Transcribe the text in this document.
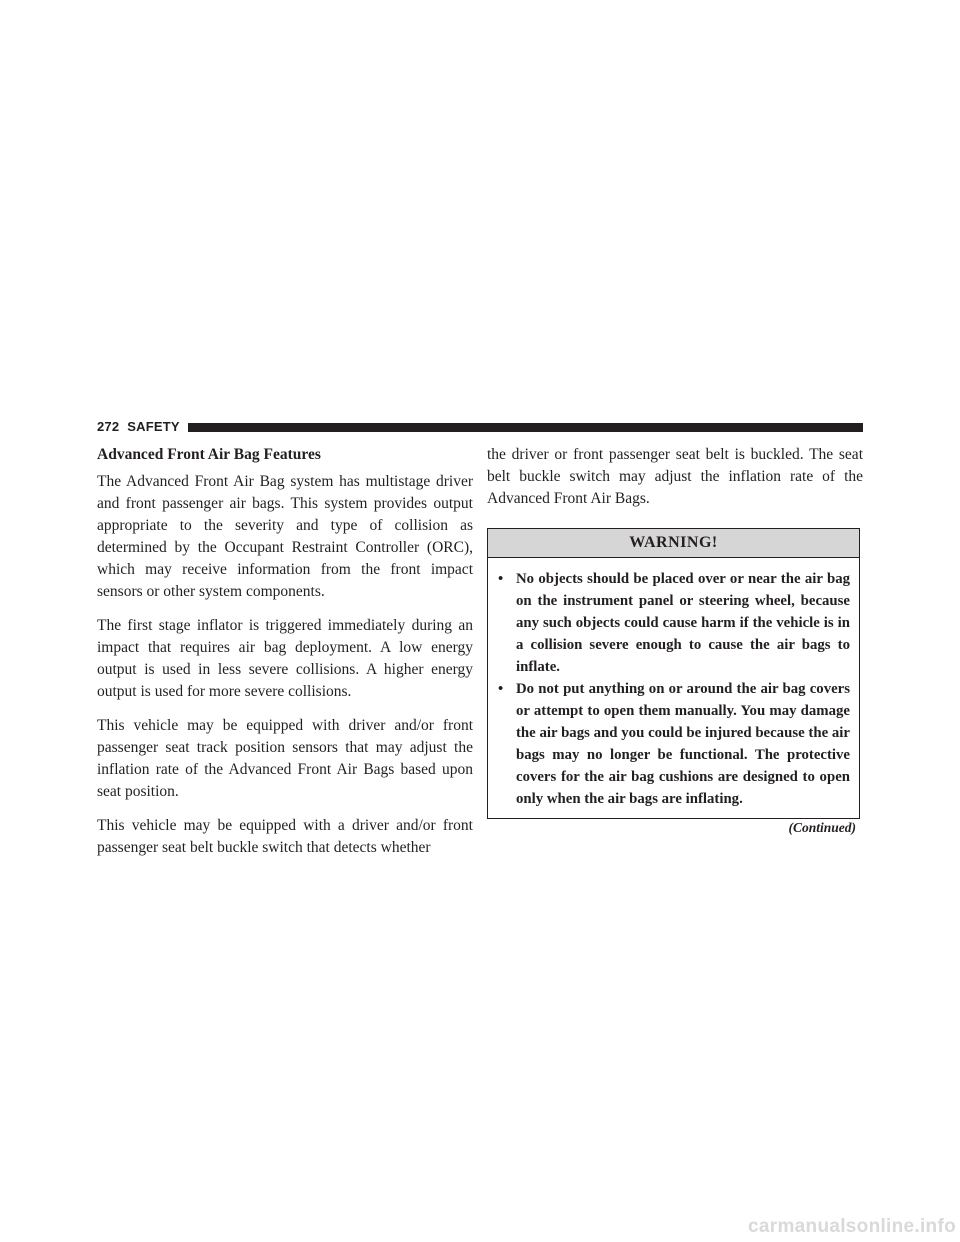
272 SAFETY
Advanced Front Air Bag Features

The Advanced Front Air Bag system has multistage driver and front passenger air bags. This system provides output appropriate to the severity and type of collision as determined by the Occupant Restraint Controller (ORC), which may receive information from the front impact sensors or other system components.

The first stage inflator is triggered immediately during an impact that requires air bag deployment. A low energy output is used in less severe collisions. A higher energy output is used for more severe collisions.

This vehicle may be equipped with driver and/or front passenger seat track position sensors that may adjust the inflation rate of the Advanced Front Air Bags based upon seat position.

This vehicle may be equipped with a driver and/or front passenger seat belt buckle switch that detects whether

the driver or front passenger seat belt is buckled. The seat belt buckle switch may adjust the inflation rate of the Advanced Front Air Bags.

WARNING!
• No objects should be placed over or near the air bag on the instrument panel or steering wheel, because any such objects could cause harm if the vehicle is in a collision severe enough to cause the air bags to inflate.
• Do not put anything on or around the air bag covers or attempt to open them manually. You may damage the air bags and you could be injured because the air bags may no longer be functional. The protective covers for the air bag cushions are designed to open only when the air bags are inflating.
(Continued)
carmanualsonline.info
